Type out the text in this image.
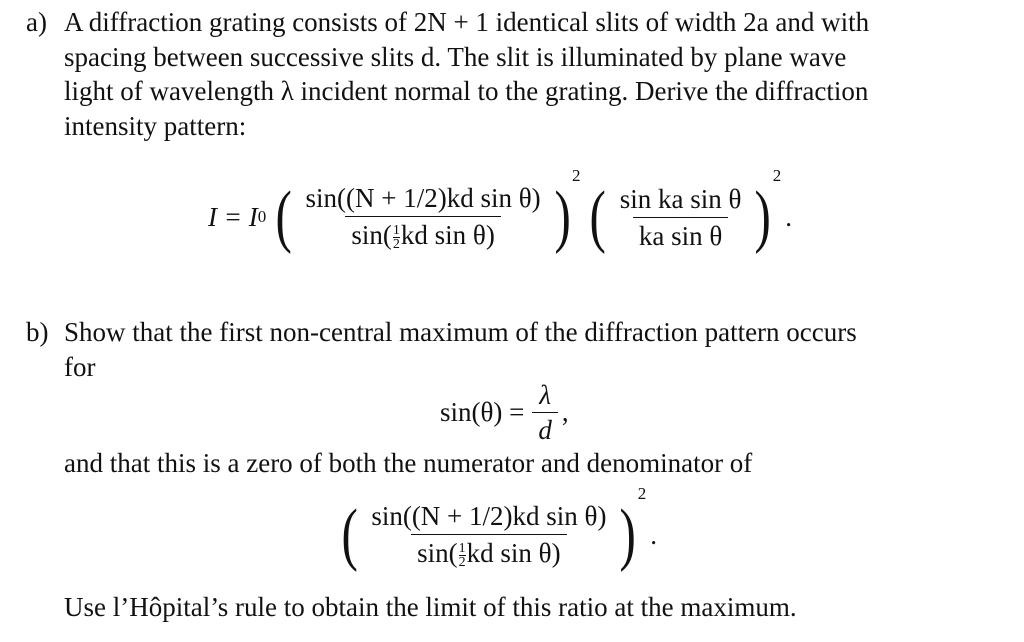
a) A diffraction grating consists of 2N + 1 identical slits of width 2a and with
spacing between successive slits d. The slit is illuminated by plane wave
light of wavelength λ incident normal to the grating. Derive the diffraction
intensity pattern:
I = I 0 ( $\frac{\text{sin((N + 1/2)kd sin θ)}}{\sin( \frac{1}{2} kd \sin \theta)}$ )
2
( $\frac{\text{sin ka sin θ}}{\text{ka sin θ}}$ )
2
.
b) Show that the first non-central maximum of the diffraction pattern occurs
for
$\sin(\theta) = \frac{\lambda}{d}$ ,
and that this is a zero of both the numerator and denominator of
( $\frac{\text{sin((N + 1/2)kd sin θ)}}{\sin( \frac{1}{2} kd \sin \theta)}$ )
2
.
Use l’Hôpital’s rule to obtain the limit of this ratio at the maximum.
